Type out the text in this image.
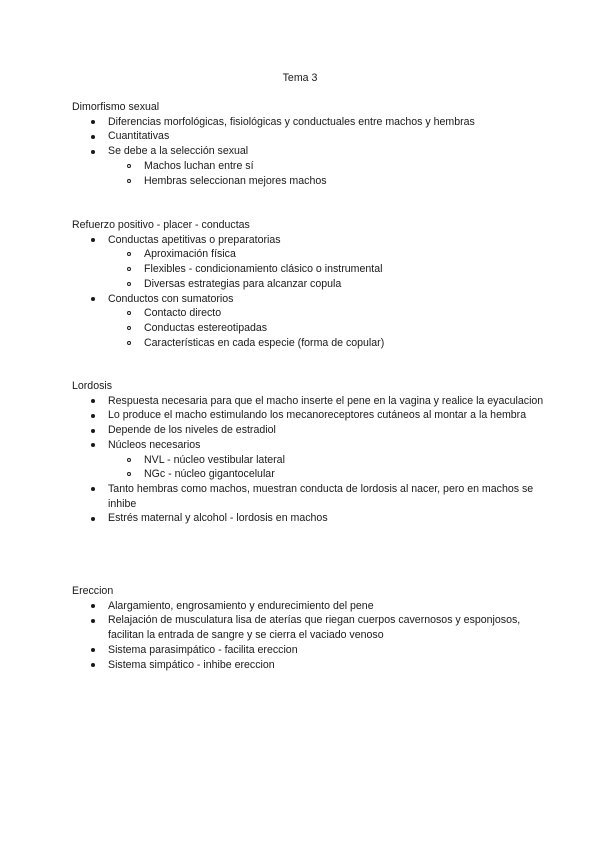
Tema 3

Dimorfismo sexual

Diferencias morfológicas, fisiológicas y conductuales entre machos y hembras
Cuantitativas
Se debe a la selección sexual
Machos luchan entre sí
Hembras seleccionan mejores machos

Refuerzo positivo - placer - conductas

Conductas apetitivas o preparatorias
Aproximación física
Flexibles - condicionamiento clásico o instrumental
Diversas estrategias para alcanzar copula
Conductos con sumatorios
Contacto directo
Conductas estereotipadas
Características en cada especie (forma de copular)

Lordosis

Respuesta necesaria para que el macho inserte el pene en la vagina y realice la eyaculacion
Lo produce el macho estimulando los mecanoreceptores cutáneos al montar a la hembra
Depende de los niveles de estradiol
Núcleos necesarios
NVL - núcleo vestibular lateral
NGc - núcleo gigantocelular
Tanto hembras como machos, muestran conducta de lordosis al nacer, pero en machos se inhibe
Estrés maternal y alcohol - lordosis en machos

Ereccion

Alargamiento, engrosamiento y endurecimiento del pene
Relajación de musculatura lisa de aterías que riegan cuerpos cavernosos y esponjosos, facilitan la entrada de sangre y se cierra el vaciado venoso
Sistema parasimpático - facilita ereccion
Sistema simpático - inhibe ereccion
